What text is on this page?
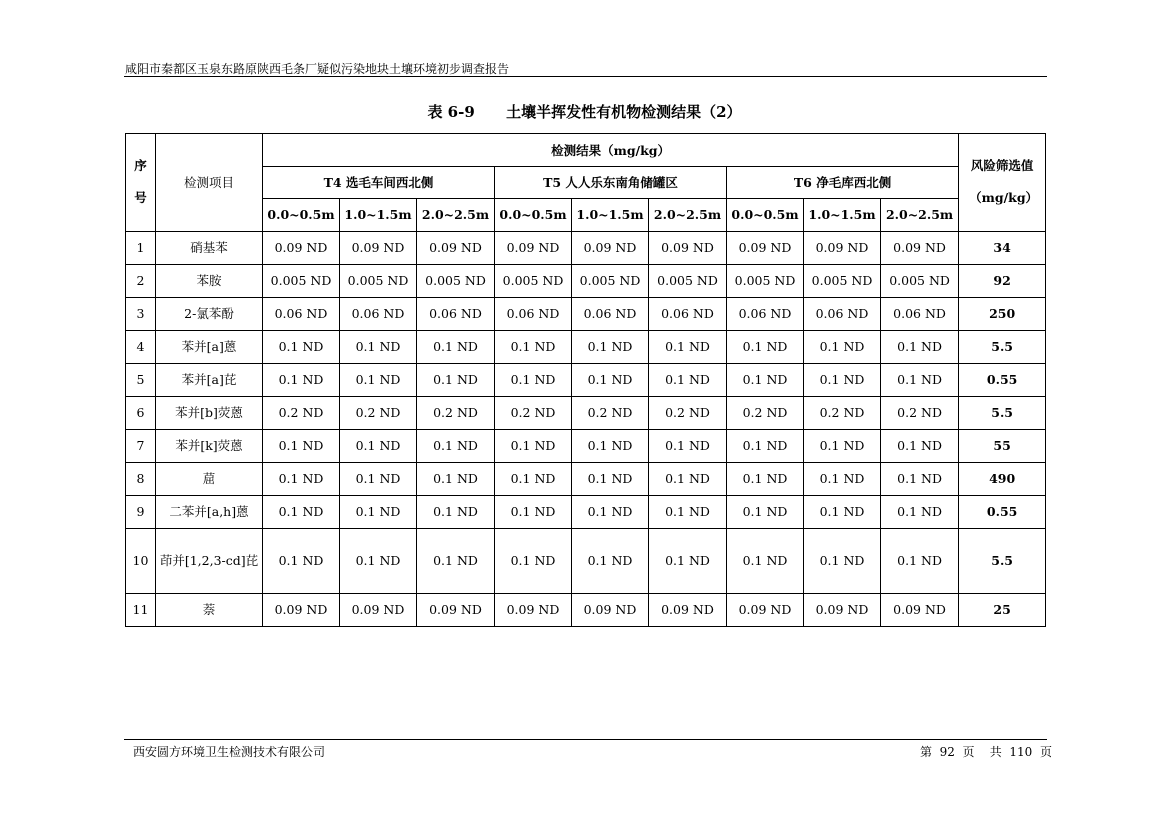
咸阳市秦都区玉泉东路原陕西毛条厂疑似污染地块土壤环境初步调查报告
表 6-9      土壤半挥发性有机物检测结果（2）
序号	检测项目	检测结果（mg/kg）									风险筛选值（mg/kg）
		T4 选毛车间西北侧			T5 人人乐东南角储罐区			T6 净毛库西北侧			
		0.0~0.5m	1.0~1.5m	2.0~2.5m	0.0~0.5m	1.0~1.5m	2.0~2.5m	0.0~0.5m	1.0~1.5m	2.0~2.5m	
1	硝基苯	0.09 ND	0.09 ND	0.09 ND	0.09 ND	0.09 ND	0.09 ND	0.09 ND	0.09 ND	0.09 ND	34
2	苯胺	0.005 ND	0.005 ND	0.005 ND	0.005 ND	0.005 ND	0.005 ND	0.005 ND	0.005 ND	0.005 ND	92
3	2-氯苯酚	0.06 ND	0.06 ND	0.06 ND	0.06 ND	0.06 ND	0.06 ND	0.06 ND	0.06 ND	0.06 ND	250
4	苯并[a]蒽	0.1 ND	0.1 ND	0.1 ND	0.1 ND	0.1 ND	0.1 ND	0.1 ND	0.1 ND	0.1 ND	5.5
5	苯并[a]芘	0.1 ND	0.1 ND	0.1 ND	0.1 ND	0.1 ND	0.1 ND	0.1 ND	0.1 ND	0.1 ND	0.55
6	苯并[b]荧蒽	0.2 ND	0.2 ND	0.2 ND	0.2 ND	0.2 ND	0.2 ND	0.2 ND	0.2 ND	0.2 ND	5.5
7	苯并[k]荧蒽	0.1 ND	0.1 ND	0.1 ND	0.1 ND	0.1 ND	0.1 ND	0.1 ND	0.1 ND	0.1 ND	55
8	䓛	0.1 ND	0.1 ND	0.1 ND	0.1 ND	0.1 ND	0.1 ND	0.1 ND	0.1 ND	0.1 ND	490
9	二苯并[a,h]蒽	0.1 ND	0.1 ND	0.1 ND	0.1 ND	0.1 ND	0.1 ND	0.1 ND	0.1 ND	0.1 ND	0.55
10	茚并[1,2,3-cd]芘	0.1 ND	0.1 ND	0.1 ND	0.1 ND	0.1 ND	0.1 ND	0.1 ND	0.1 ND	0.1 ND	5.5
11	萘	0.09 ND	0.09 ND	0.09 ND	0.09 ND	0.09 ND	0.09 ND	0.09 ND	0.09 ND	0.09 ND	25
西安圆方环境卫生检测技术有限公司	第  92  页    共  110  页
